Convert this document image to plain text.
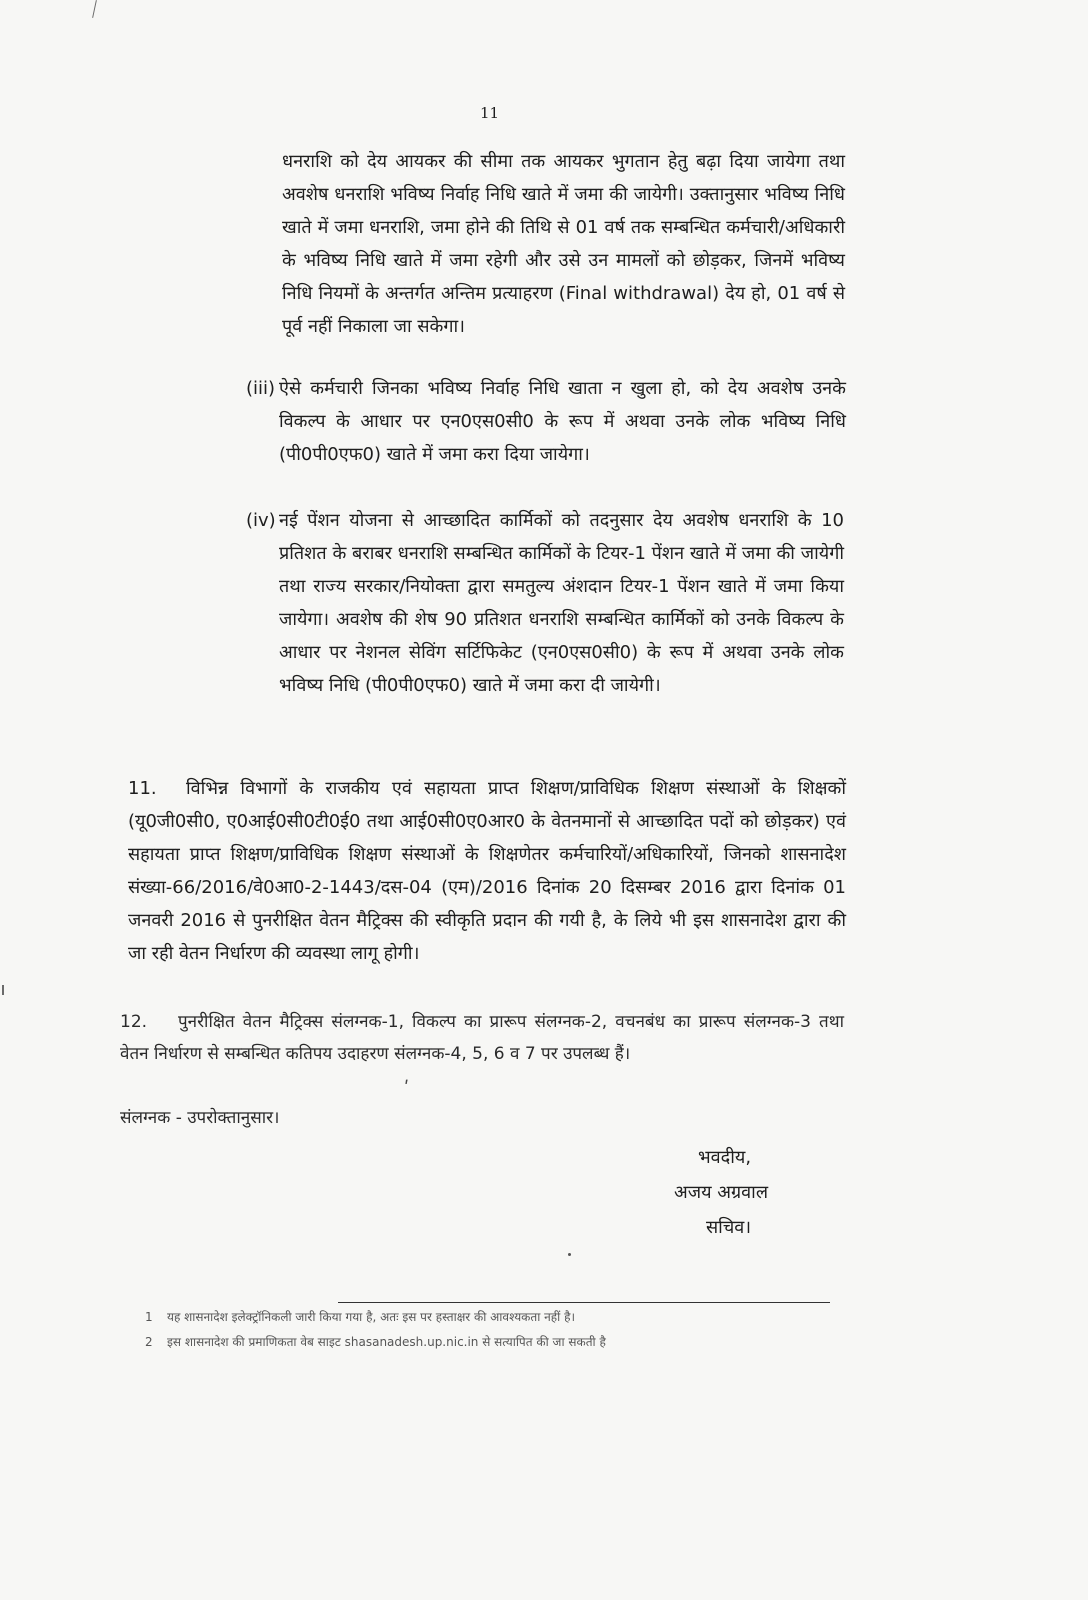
11
धनराशि को देय आयकर की सीमा तक आयकर भुगतान हेतु बढ़ा दिया जायेगा तथा अवशेष धनराशि भविष्य निर्वाह निधि खाते में जमा की जायेगी। उक्तानुसार भविष्य निधि खाते में जमा धनराशि, जमा होने की तिथि से 01 वर्ष तक सम्बन्धित कर्मचारी/अधिकारी के भविष्य निधि खाते में जमा रहेगी और उसे उन मामलों को छोड़कर, जिनमें भविष्य निधि नियमों के अन्तर्गत अन्तिम प्रत्याहरण (Final withdrawal) देय हो, 01 वर्ष से पूर्व नहीं निकाला जा सकेगा।
(iii) ऐसे कर्मचारी जिनका भविष्य निर्वाह निधि खाता न खुला हो, को देय अवशेष उनके विकल्प के आधार पर एन0एस0सी0 के रूप में अथवा उनके लोक भविष्य निधि (पी0पी0एफ0) खाते में जमा करा दिया जायेगा।
(iv) नई पेंशन योजना से आच्छादित कार्मिकों को तदनुसार देय अवशेष धनराशि के 10 प्रतिशत के बराबर धनराशि सम्बन्धित कार्मिकों के टियर-1 पेंशन खाते में जमा की जायेगी तथा राज्य सरकार/नियोक्ता द्वारा समतुल्य अंशदान टियर-1 पेंशन खाते में जमा किया जायेगा। अवशेष की शेष 90 प्रतिशत धनराशि सम्बन्धित कार्मिकों को उनके विकल्प के आधार पर नेशनल सेविंग सर्टिफिकेट (एन0एस0सी0) के रूप में अथवा उनके लोक भविष्य निधि (पी0पी0एफ0) खाते में जमा करा दी जायेगी।
11. विभिन्न विभागों के राजकीय एवं सहायता प्राप्त शिक्षण/प्राविधिक शिक्षण संस्थाओं के शिक्षकों (यू0जी0सी0, ए0आई0सी0टी0ई0 तथा आई0सी0ए0आर0 के वेतनमानों से आच्छादित पदों को छोड़कर) एवं सहायता प्राप्त शिक्षण/प्राविधिक शिक्षण संस्थाओं के शिक्षणेतर कर्मचारियों/अधिकारियों, जिनको शासनादेश संख्या-66/2016/वे0आ0-2-1443/दस-04 (एम)/2016 दिनांक 20 दिसम्बर 2016 द्वारा दिनांक 01 जनवरी 2016 से पुनरीक्षित वेतन मैट्रिक्स की स्वीकृति प्रदान की गयी है, के लिये भी इस शासनादेश द्वारा की जा रही वेतन निर्धारण की व्यवस्था लागू होगी।
12. पुनरीक्षित वेतन मैट्रिक्स संलग्नक-1, विकल्प का प्रारूप संलग्नक-2, वचनबंध का प्रारूप संलग्नक-3 तथा वेतन निर्धारण से सम्बन्धित कतिपय उदाहरण संलग्नक-4, 5, 6 व 7 पर उपलब्ध हैं।
ʹ
संलग्नक - उपरोक्तानुसार।
भवदीय,
अजय अग्रवाल
सचिव।
1 यह शासनादेश इलेक्ट्रॉनिकली जारी किया गया है, अतः इस पर हस्ताक्षर की आवश्यकता नहीं है।
2 इस शासनादेश की प्रमाणिकता वेब साइट shasanadesh.up.nic.in से सत्यापित की जा सकती है
